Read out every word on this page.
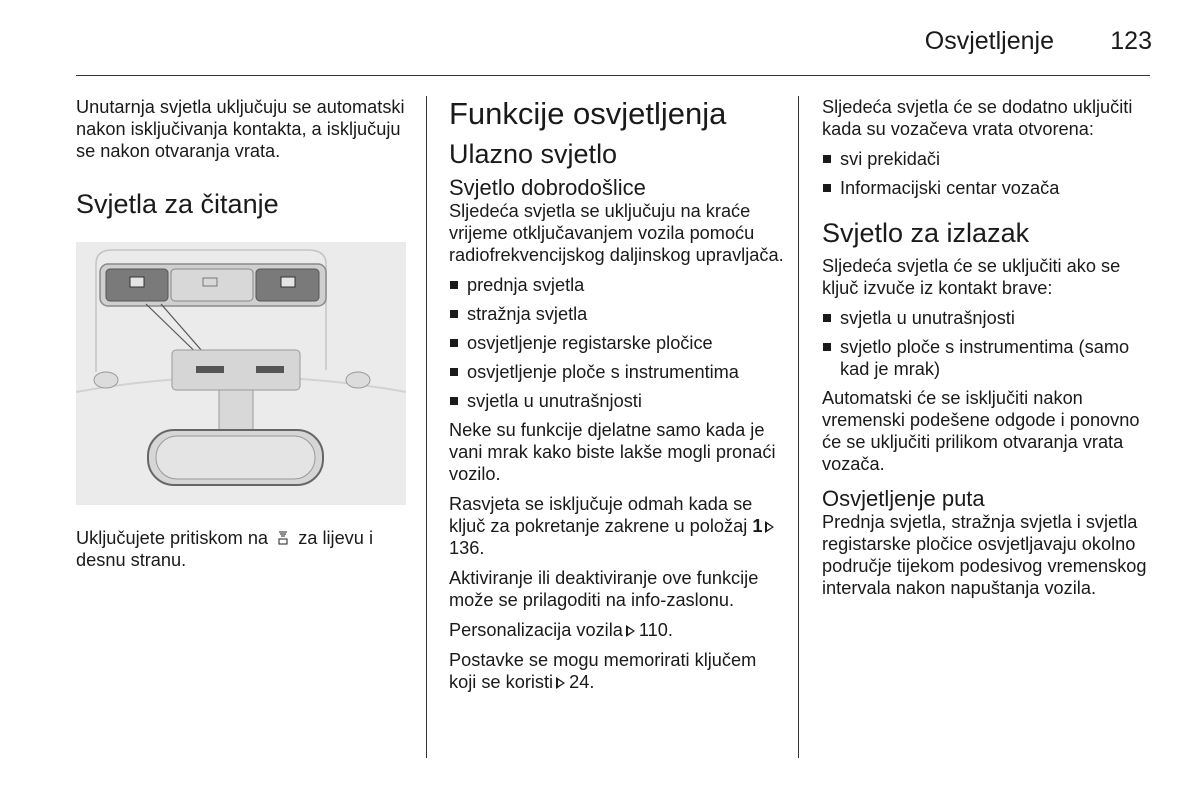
Osvjetljenje 123

Unutarnja svjetla uključuju se automatski nakon isključivanja kontakta, a isključuju se nakon otvaranja vrata.

Svjetla za čitanje

Uključujete pritiskom na za lijevu i desnu stranu.

Funkcije osvjetljenja
Ulazno svjetlo
Svjetlo dobrodošlice

Sljedeća svjetla se uključuju na kraće vrijeme otključavanjem vozila pomoću radiofrekvencijskog daljinskog upravljača.

prednja svjetla
stražnja svjetla
osvjetljenje registarske pločice
osvjetljenje ploče s instrumentima
svjetla u unutrašnjosti

Neke su funkcije djelatne samo kada je vani mrak kako biste lakše mogli pronaći vozilo.

Rasvjeta se isključuje odmah kada se ključ za pokretanje zakrene u položaj 1136.

Aktiviranje ili deaktiviranje ove funkcije može se prilagoditi na info-zaslonu.

Personalizacija vozila 110.

Postavke se mogu memorirati ključem koji se koristi 24.

Sljedeća svjetla će se dodatno uključiti kada su vozačeva vrata otvorena:

svi prekidači
Informacijski centar vozača
Svjetlo za izlazak

Sljedeća svjetla će se uključiti ako se ključ izvuče iz kontakt brave:

svjetla u unutrašnjosti
svjetlo ploče s instrumentima (samo kad je mrak)

Automatski će se isključiti nakon vremenski podešene odgode i ponovno će se uključiti prilikom otvaranja vrata vozača.

Osvjetljenje puta

Prednja svjetla, stražnja svjetla i svjetla registarske pločice osvjetljavaju okolno područje tijekom podesivog vremenskog intervala nakon napuštanja vozila.
